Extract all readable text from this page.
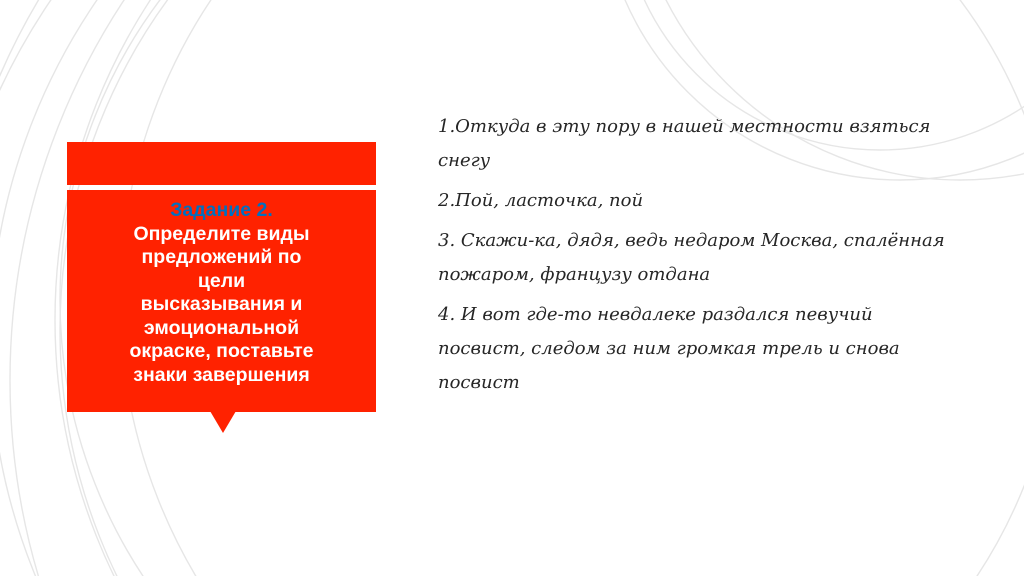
Задание 2.
Определите виды
предложений по
цели
высказывания и
эмоциональной
окраске, поставьте
знаки завершения

1.Откуда в эту пору в нашей местности взяться снегу

2.Пой, ласточка, пой

3. Скажи-ка, дядя, ведь недаром Москва, спалённая пожаром, французу отдана

4. И вот где-то невдалеке раздался певучий посвист, следом за ним громкая трель и снова посвист
